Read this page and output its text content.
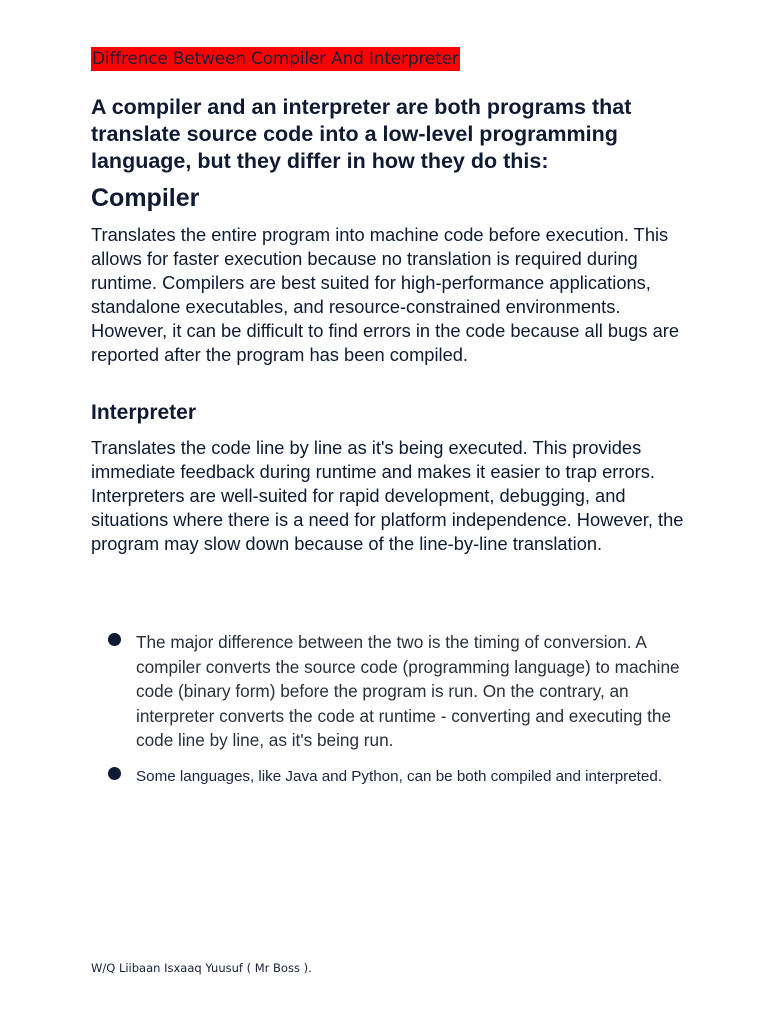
Diffrence Between Compiler And Interpreter

A compiler and an interpreter are both programs that translate source code into a low-level programming language, but they differ in how they do this:

Compiler

Translates the entire program into machine code before execution. This allows for faster execution because no translation is required during runtime. Compilers are best suited for high-performance applications, standalone executables, and resource-constrained environments. However, it can be difficult to find errors in the code because all bugs are reported after the program has been compiled.

Interpreter

Translates the code line by line as it's being executed. This provides immediate feedback during runtime and makes it easier to trap errors. Interpreters are well-suited for rapid development, debugging, and situations where there is a need for platform independence. However, the program may slow down because of the line-by-line translation.

The major difference between the two is the timing of conversion. A compiler converts the source code (programming language) to machine code (binary form) before the program is run. On the contrary, an interpreter converts the code at runtime - converting and executing the code line by line, as it's being run.
Some languages, like Java and Python, can be both compiled and interpreted.
W/Q Liibaan Isxaaq Yuusuf ( Mr Boss ).
